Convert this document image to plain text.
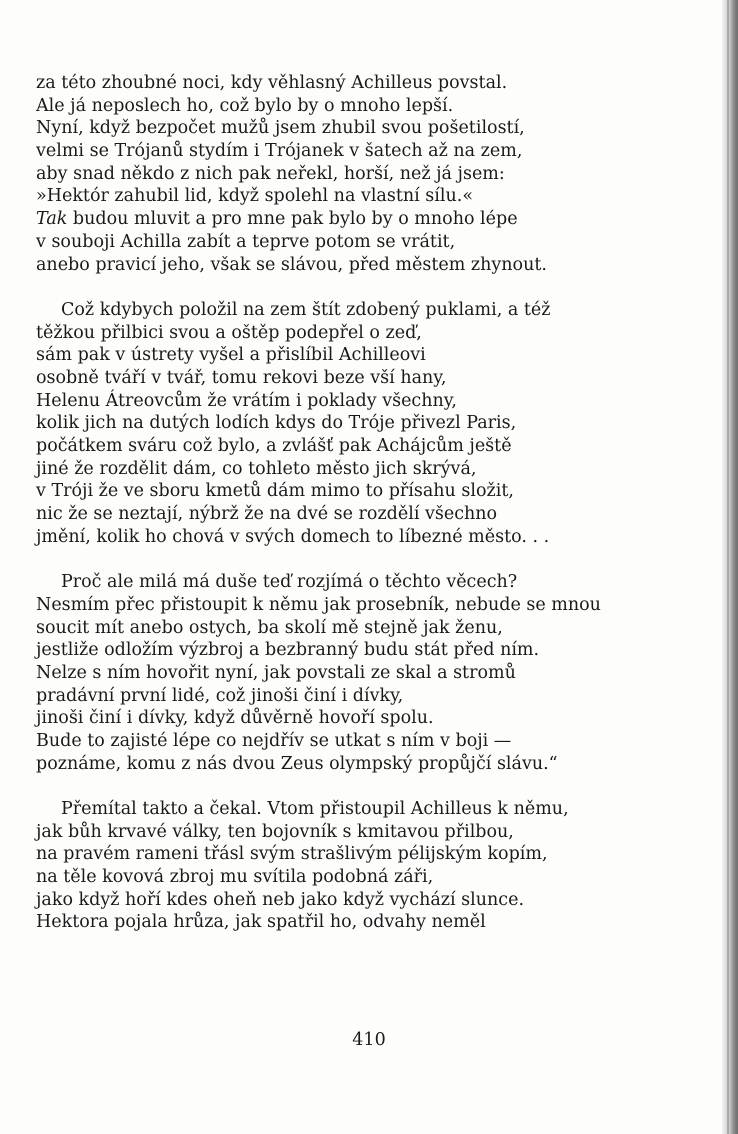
za této zhoubné noci, kdy věhlasný Achilleus povstal.
Ale já neposlech ho, což bylo by o mnoho lepší.
Nyní, když bezpočet mužů jsem zhubil svou pošetilostí,
velmi se Trójanů stydím i Trójanek v šatech až na zem,
aby snad někdo z nich pak neřekl, horší, než já jsem:
»Hektór zahubil lid, když spolehl na vlastní sílu.«
Tak budou mluvit a pro mne pak bylo by o mnoho lépe
v souboji Achilla zabít a teprve potom se vrátit,
anebo pravicí jeho, však se slávou, před městem zhynout.
Což kdybych položil na zem štít zdobený puklami, a též
těžkou přilbici svou a oštěp podepřel o zeď,
sám pak v ústrety vyšel a přislíbil Achilleovi
osobně tváří v tvář, tomu rekovi beze vší hany,
Helenu Átreovcům že vrátím i poklady všechny,
kolik jich na dutých lodích kdys do Tróje přivezl Paris,
počátkem sváru což bylo, a zvlášť pak Achájcům ještě
jiné že rozdělit dám, co tohleto město jich skrývá,
v Tróji že ve sboru kmetů dám mimo to přísahu složit,
nic že se neztají, nýbrž že na dvé se rozdělí všechno
jmění, kolik ho chová v svých domech to líbezné město. . .
Proč ale milá má duše teď rozjímá o těchto věcech?
Nesmím přec přistoupit k němu jak prosebník, nebude se mnou
soucit mít anebo ostych, ba skolí mě stejně jak ženu,
jestliže odložím výzbroj a bezbranný budu stát před ním.
Nelze s ním hovořit nyní, jak povstali ze skal a stromů
pradávní první lidé, což jinoši činí i dívky,
jinoši činí i dívky, když důvěrně hovoří spolu.
Bude to zajisté lépe co nejdřív se utkat s ním v boji —
poznáme, komu z nás dvou Zeus olympský propůjčí slávu.“
Přemítal takto a čekal. Vtom přistoupil Achilleus k němu,
jak bůh krvavé války, ten bojovník s kmitavou přilbou,
na pravém rameni třásl svým strašlivým pélijským kopím,
na těle kovová zbroj mu svítila podobná záři,
jako když hoří kdes oheň neb jako když vychází slunce.
Hektora pojala hrůza, jak spatřil ho, odvahy neměl
410
